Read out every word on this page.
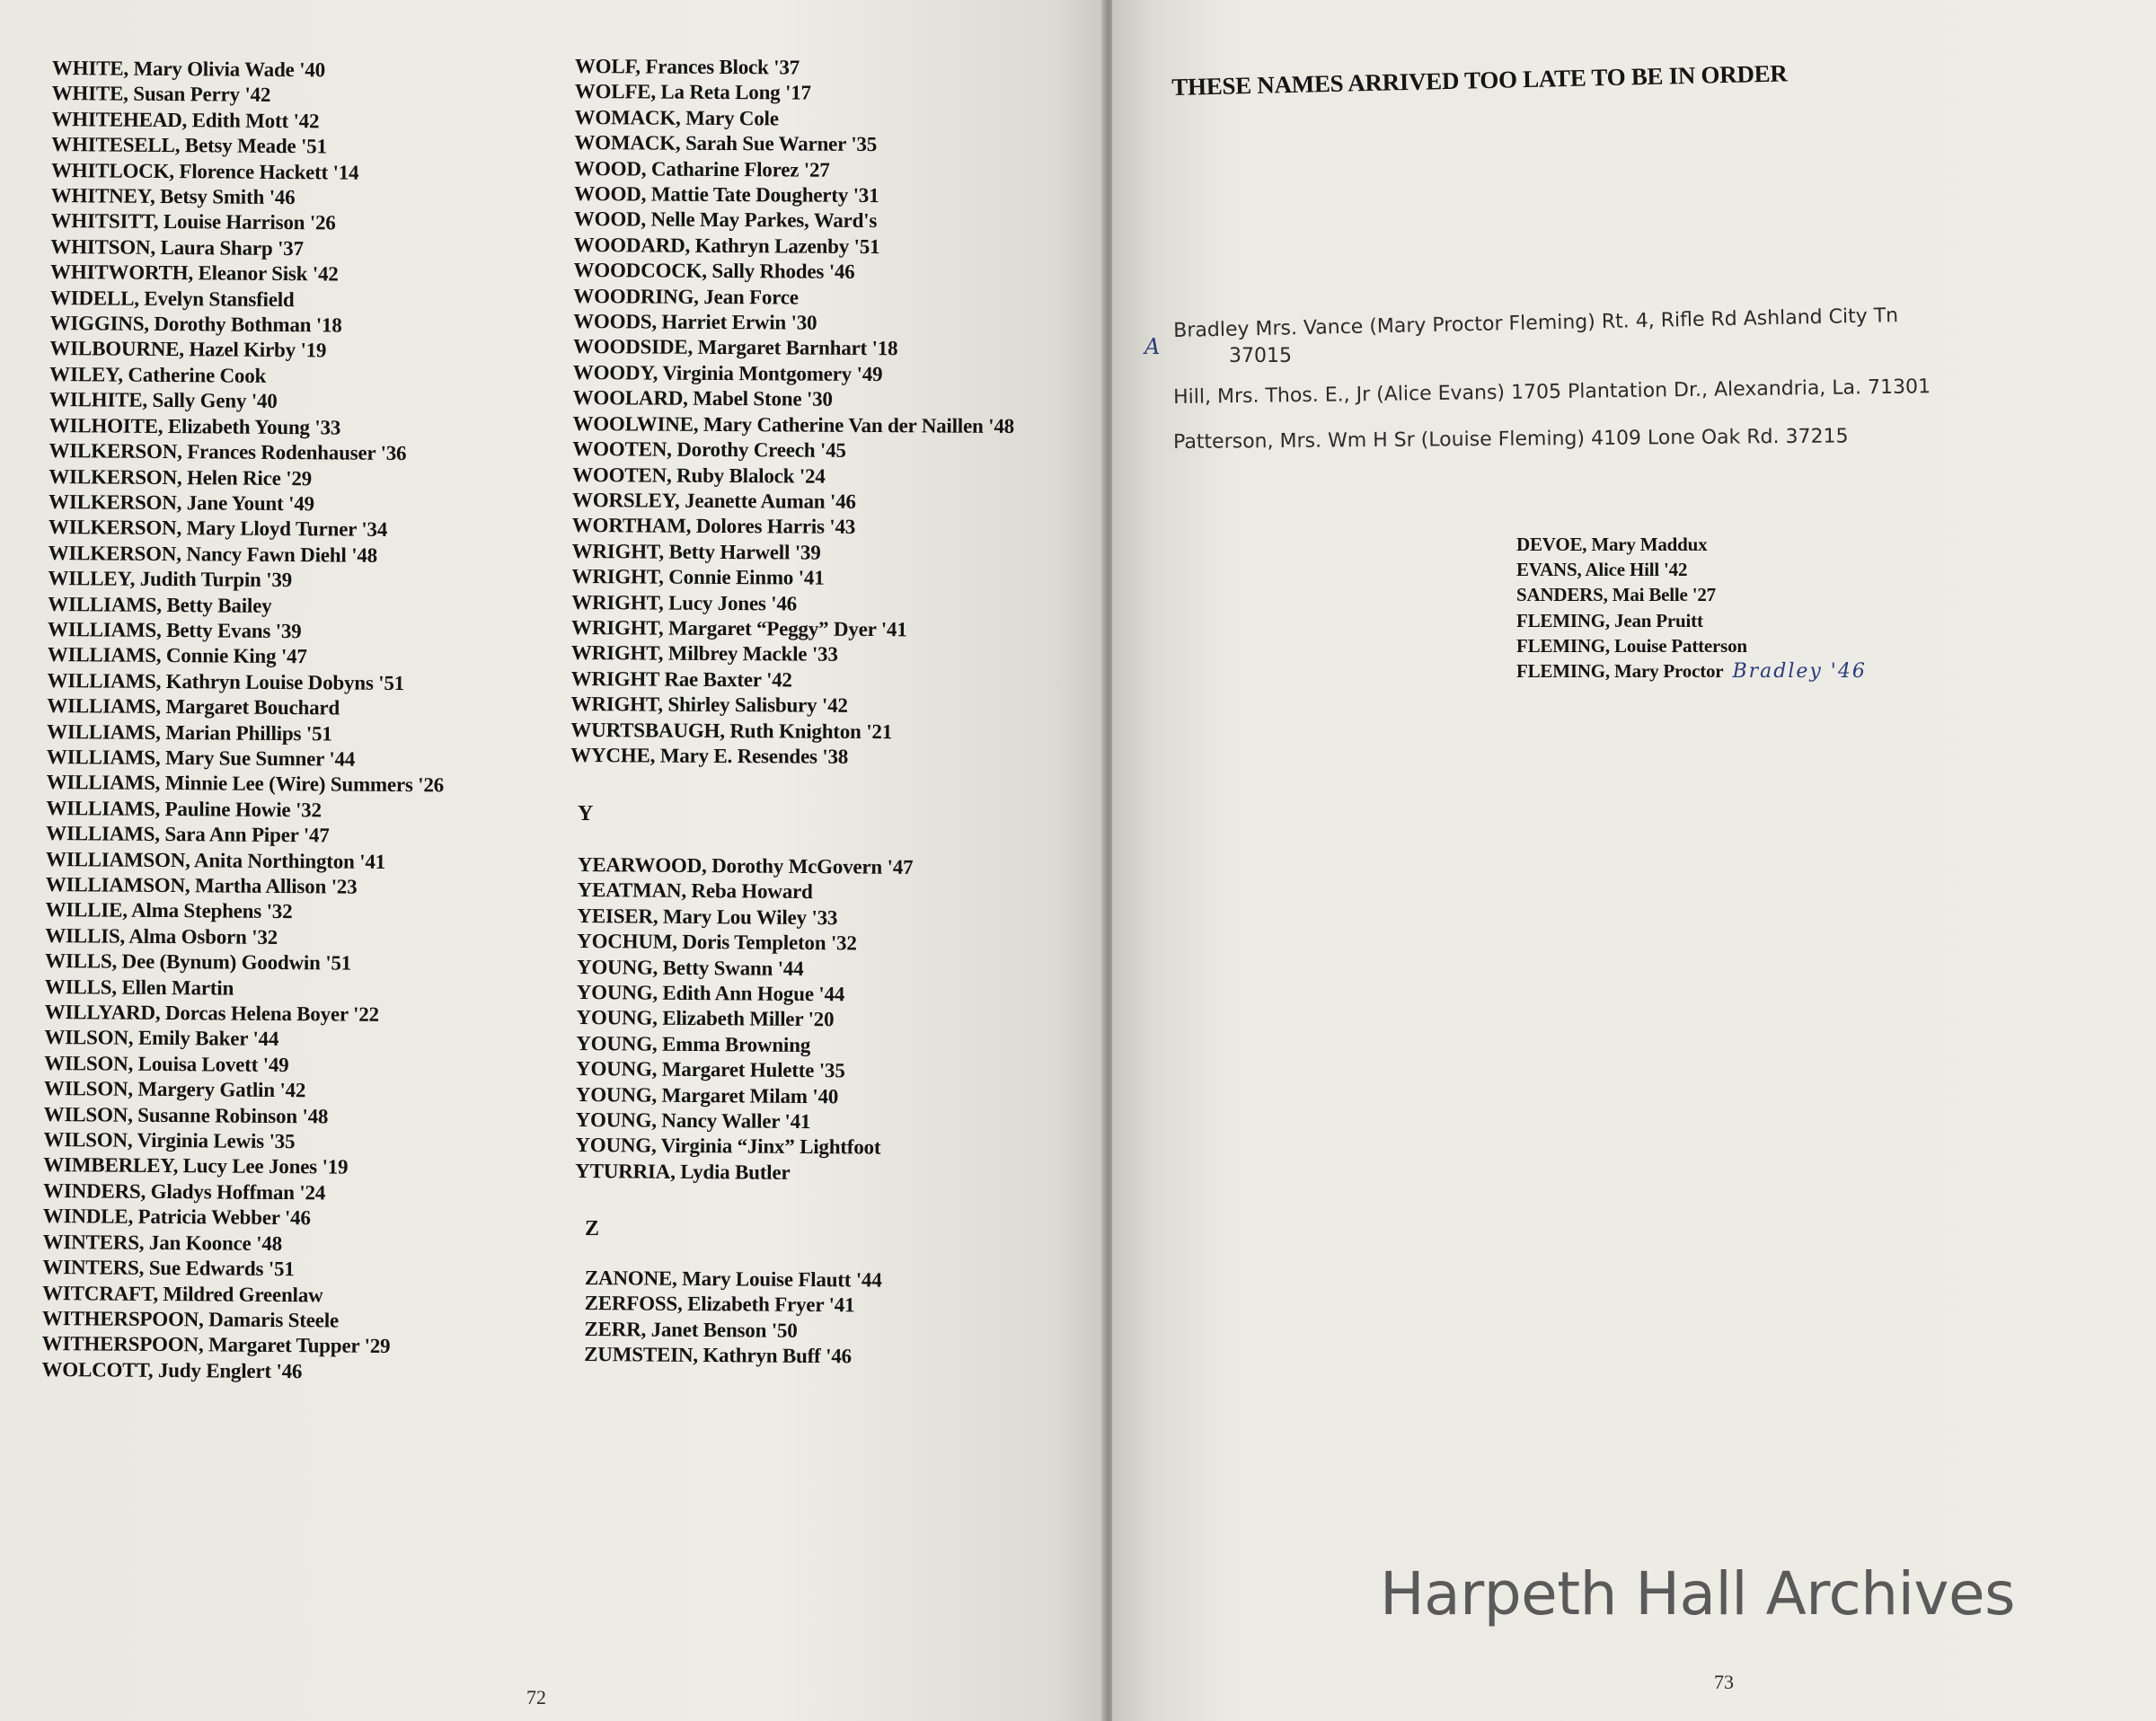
WHITE, Mary Olivia Wade '40
WHITE, Susan Perry '42
WHITEHEAD, Edith Mott '42
WHITESELL, Betsy Meade '51
WHITLOCK, Florence Hackett '14
WHITNEY, Betsy Smith '46
WHITSITT, Louise Harrison '26
WHITSON, Laura Sharp '37
WHITWORTH, Eleanor Sisk '42
WIDELL, Evelyn Stansfield
WIGGINS, Dorothy Bothman '18
WILBOURNE, Hazel Kirby '19
WILEY, Catherine Cook
WILHITE, Sally Geny '40
WILHOITE, Elizabeth Young '33
WILKERSON, Frances Rodenhauser '36
WILKERSON, Helen Rice '29
WILKERSON, Jane Yount '49
WILKERSON, Mary Lloyd Turner '34
WILKERSON, Nancy Fawn Diehl '48
WILLEY, Judith Turpin '39
WILLIAMS, Betty Bailey
WILLIAMS, Betty Evans '39
WILLIAMS, Connie King '47
WILLIAMS, Kathryn Louise Dobyns '51
WILLIAMS, Margaret Bouchard
WILLIAMS, Marian Phillips '51
WILLIAMS, Mary Sue Sumner '44
WILLIAMS, Minnie Lee (Wire) Summers '26
WILLIAMS, Pauline Howie '32
WILLIAMS, Sara Ann Piper '47
WILLIAMSON, Anita Northington '41
WILLIAMSON, Martha Allison '23
WILLIE, Alma Stephens '32
WILLIS, Alma Osborn '32
WILLS, Dee (Bynum) Goodwin '51
WILLS, Ellen Martin
WILLYARD, Dorcas Helena Boyer '22
WILSON, Emily Baker '44
WILSON, Louisa Lovett '49
WILSON, Margery Gatlin '42
WILSON, Susanne Robinson '48
WILSON, Virginia Lewis '35
WIMBERLEY, Lucy Lee Jones '19
WINDERS, Gladys Hoffman '24
WINDLE, Patricia Webber '46
WINTERS, Jan Koonce '48
WINTERS, Sue Edwards '51
WITCRAFT, Mildred Greenlaw
WITHERSPOON, Damaris Steele
WITHERSPOON, Margaret Tupper '29
WOLCOTT, Judy Englert '46
WOLF, Frances Block '37
WOLFE, La Reta Long '17
WOMACK, Mary Cole
WOMACK, Sarah Sue Warner '35
WOOD, Catharine Florez '27
WOOD, Mattie Tate Dougherty '31
WOOD, Nelle May Parkes, Ward's
WOODARD, Kathryn Lazenby '51
WOODCOCK, Sally Rhodes '46
WOODRING, Jean Force
WOODS, Harriet Erwin '30
WOODSIDE, Margaret Barnhart '18
WOODY, Virginia Montgomery '49
WOOLARD, Mabel Stone '30
WOOLWINE, Mary Catherine Van der Naillen '48
WOOTEN, Dorothy Creech '45
WOOTEN, Ruby Blalock '24
WORSLEY, Jeanette Auman '46
WORTHAM, Dolores Harris '43
WRIGHT, Betty Harwell '39
WRIGHT, Connie Einmo '41
WRIGHT, Lucy Jones '46
WRIGHT, Margaret “Peggy” Dyer '41
WRIGHT, Milbrey Mackle '33
WRIGHT Rae Baxter '42
WRIGHT, Shirley Salisbury '42
WURTSBAUGH, Ruth Knighton '21
WYCHE, Mary E. Resendes '38
Y
YEARWOOD, Dorothy McGovern '47
YEATMAN, Reba Howard
YEISER, Mary Lou Wiley '33
YOCHUM, Doris Templeton '32
YOUNG, Betty Swann '44
YOUNG, Edith Ann Hogue '44
YOUNG, Elizabeth Miller '20
YOUNG, Emma Browning
YOUNG, Margaret Hulette '35
YOUNG, Margaret Milam '40
YOUNG, Nancy Waller '41
YOUNG, Virginia “Jinx” Lightfoot
YTURRIA, Lydia Butler
Z
ZANONE, Mary Louise Flautt '44
ZERFOSS, Elizabeth Fryer '41
ZERR, Janet Benson '50
ZUMSTEIN, Kathryn Buff '46
72
THESE NAMES ARRIVED TOO LATE TO BE IN ORDER
A
Bradley Mrs. Vance (Mary Proctor Fleming) Rt. 4, Rifle Rd Ashland City Tn
37015
Hill, Mrs. Thos. E., Jr (Alice Evans) 1705 Plantation Dr., Alexandria, La. 71301
Patterson, Mrs. Wm H Sr (Louise Fleming) 4109 Lone Oak Rd. 37215
DEVOE, Mary Maddux
EVANS, Alice Hill '42
SANDERS, Mai Belle '27
FLEMING, Jean Pruitt
FLEMING, Louise Patterson
FLEMING, Mary Proctor Bradley '46
Harpeth Hall Archives
73
